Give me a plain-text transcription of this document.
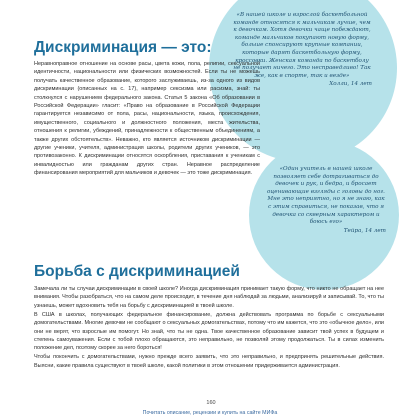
Дискриминация — это:

Неравноправное отношение на основе расы, цвета кожи, пола, религии, сексуальной идентичности, национальности или физических возможностей. Если ты не можешь получать качественное образование, которого заслуживаешь, из-за одного из видов дискриминации (описанных на с. 17), например сексизма или расизма, знай: ты столкнулся с нарушением федерального закона. Статья 5 закона «Об образовании в Российской Федерации» гласит: «Право на образование в Российской Федерации гарантируется независимо от пола, расы, национальности, языка, происхождения, имущественного, социального и должностного положения, места жительства, отношения к религии, убеждений, принадлежности к общественным объединениям, а также других обстоятельств». Неважно, кто является источником дискриминации — другие ученики, учителя, администрация школы, родители других учеников, — это противозаконно. К дискриминации относятся оскорбления, приставания к ученикам с инвалидностью или гражданам других стран. Неравное распределение финансирования мероприятий для мальчиков и девочек — это тоже дискриминация.

«В нашей школе и взрослой баскетбольной команде относятся к мальчикам лучше, чем к девочкам. Хотя девочки чаще побеждают, команде мальчиков покупают новую форму, больше спонсируют крупные компании, которые дарят баскетбольную форму, кроссовки. Женская команда по баскетболу не получает ничего. Это несправедливо! Так же, как в спорте, так и везде»
Холли, 14 лет
«Один учитель в нашей школе позволяет себе дотрагиваться до девочек и рук, и бедра, и бросает оценивающие взгляды с головы до ног. Мне это неприятно, но я не знаю, как с этим справиться, не показав, что я девочка со скверным характером и боюсь его»
Тейра, 14 лет
Борьба с дискриминацией

Замечала ли ты случаи дискриминации в своей школе? Иногда дискриминация принимает такую форму, что никто не обращает на нее внимания. Чтобы разобраться, что на самом деле происходит, в течение дня наблюдай за людьми, анализируй и записывай. То, что ты узнаешь, может вдохновить тебя на борьбу с дискриминацией в твоей школе.

В США в школах, получающих федеральное финансирование, должна действовать программа по борьбе с сексуальными домогательствами. Многие девочки не сообщают о сексуальных домогательствах, потому что им кажется, что это «обычное дело», или они не верят, что взрослые им помогут. Но знай, что ты не одна. Твое качественное образование зависит твой успех в будущем и степень самоуважения. Если с тобой плохо обращаются, это неправильно, не позволяй этому продолжаться. Ты в силах изменить положение дел, поэтому скорее за него бороться!

Чтобы покончить с домогательствами, нужно прежде всего заявить, что это неправильно, и предпринять решительные действия. Выясни, какие правила существуют в твоей школе, какой политики в этом отношении придерживается администрация.

160
Почитать описание, рецензии и купить на сайте МИФа
